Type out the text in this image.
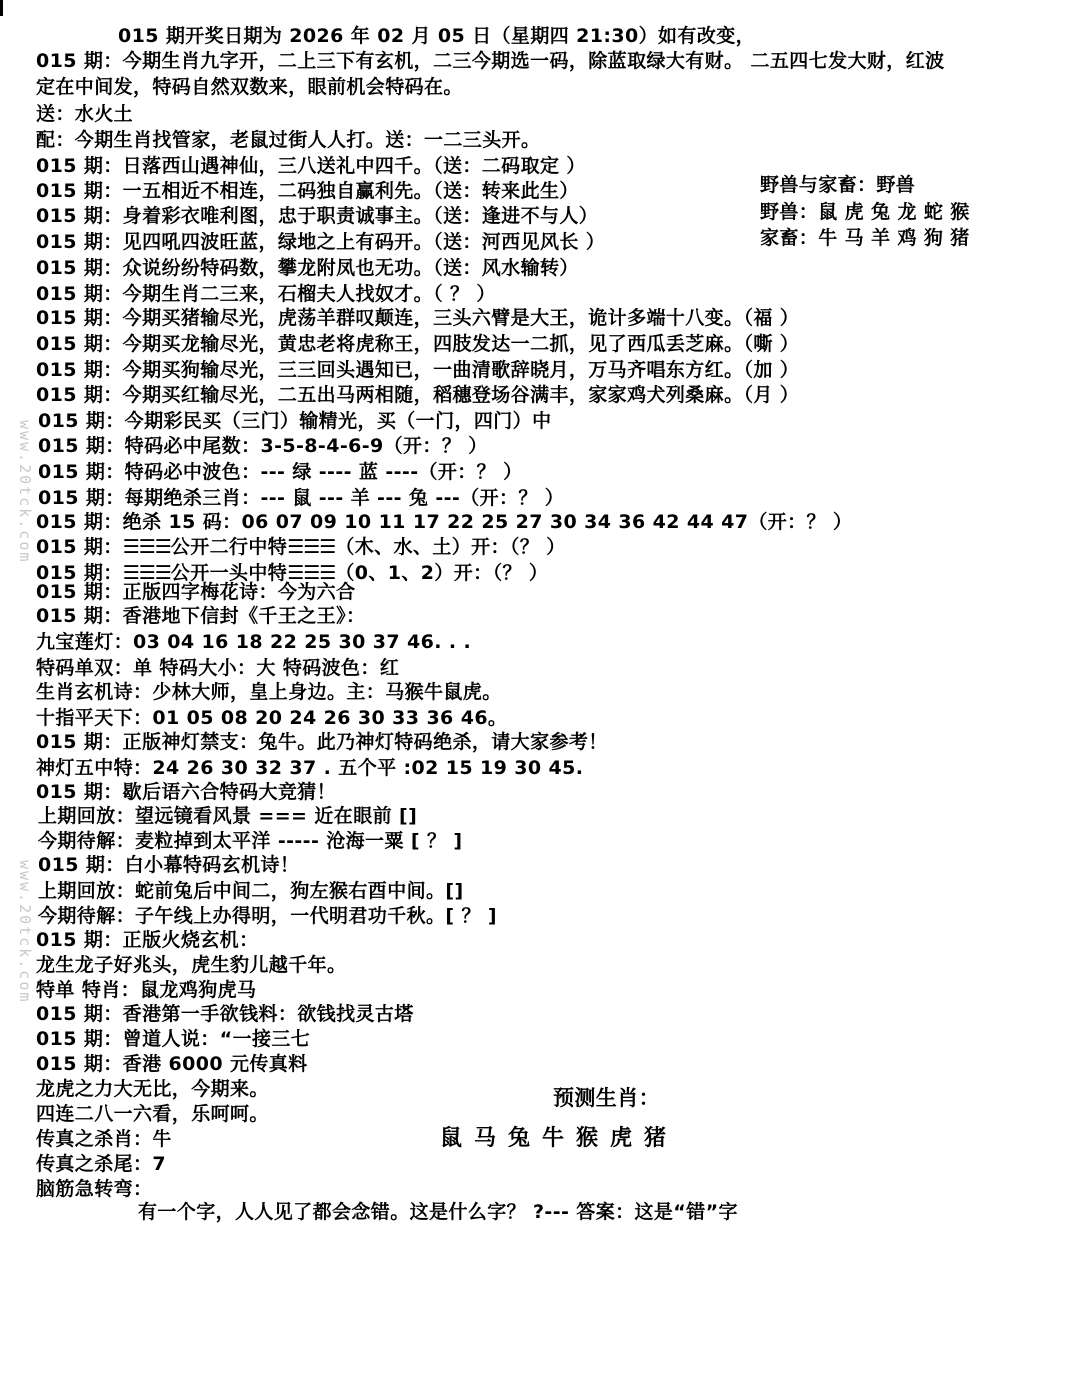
www.20tck.com
www.20tck.com
015 期开奖日期为 2026 年 02 月 05 日（星期四 21:30）如有改变，
015 期：今期生肖九字开，二上三下有玄机，二三今期选一码，除蓝取绿大有财。 二五四七发大财，红波
定在中间发，特码自然双数来，眼前机会特码在。
送：水火土
配：今期生肖找管家，老鼠过街人人打。送：一二三头开。
015 期：日落西山遇神仙，三八送礼中四千。（送：二码取定 ）
015 期：一五相近不相连，二码独自赢利先。（送：转来此生）
015 期：身着彩衣唯利图，忠于职责诚事主。（送：逢进不与人）
015 期：见四吼四波旺蓝，绿地之上有码开。（送：河西见风长 ）
015 期：众说纷纷特码数，攀龙附凤也无功。（送：风水输转）
015 期：今期生肖二三来，石榴夫人找奴才。（ ？ ）
015 期：今期买猪输尽光，虎荡羊群叹颠连，三头六臂是大王，诡计多端十八变。（福 ）
015 期：今期买龙输尽光，黄忠老将虎称王，四肢发达一二抓，见了西瓜丢芝麻。（嘶 ）
015 期：今期买狗输尽光，三三回头遇知已，一曲清歌辞晓月，万马齐唱东方红。（加 ）
015 期：今期买红输尽光，二五出马两相随，稻穗登场谷满丰，家家鸡犬列桑麻。（月 ）
015 期：今期彩民买（三门）输精光，买（一门，四门）中
015 期：特码必中尾数：3-5-8-4-6-9（开：？ ）
015 期：特码必中波色：--- 绿 ---- 蓝 ----（开：？ ）
015 期：每期绝杀三肖：--- 鼠 --- 羊 --- 兔 ---（开：？ ）
015 期：绝杀 15 码：06 07 09 10 11 17 22 25 27 30 34 36 42 44 47（开：？ ）
015 期：☰☰☰公开二行中特☰☰☰（木、水、土）开：（？ ）
015 期：☰☰☰公开一头中特☰☰☰（0、1、2）开：（？ ）
015 期：正版四字梅花诗：今为六合
015 期：香港地下信封《千王之王》：
九宝莲灯：03 04 16 18 22 25 30 37 46. . .
特码单双：单 特码大小：大 特码波色：红
生肖玄机诗：少林大师，皇上身边。主：马猴牛鼠虎。
十指平天下：01 05 08 20 24 26 30 33 36 46。
015 期：正版神灯禁支：兔牛。此乃神灯特码绝杀，请大家参考！
神灯五中特：24 26 30 32 37 . 五个平 :02 15 19 30 45.
015 期：歇后语六合特码大竞猜！
上期回放：望远镜看风景 === 近在眼前 []
今期待解：麦粒掉到太平洋 ----- 沧海一粟 [ ？ ]
015 期：白小幕特码玄机诗！
上期回放：蛇前兔后中间二，狗左猴右酉中间。[]
今期待解：子午线上办得明，一代明君功千秋。[ ？ ]
015 期：正版火烧玄机：
龙生龙子好兆头，虎生豹儿越千年。
特单 特肖：鼠龙鸡狗虎马
015 期：香港第一手欲钱料：欲钱找灵古塔
015 期：曾道人说：“一接三七
015 期：香港 6000 元传真料
龙虎之力大无比，今期来。
四连二八一六看，乐呵呵。
传真之杀肖：牛
传真之杀尾：7
脑筋急转弯：
有一个字，人人见了都会念错。这是什么字？ ?--- 答案：这是“错”字
野兽与家畜：野兽
野兽：鼠 虎 兔 龙 蛇 猴
家畜：牛 马 羊 鸡 狗 猪
预测生肖：
鼠马兔牛猴虎猪
